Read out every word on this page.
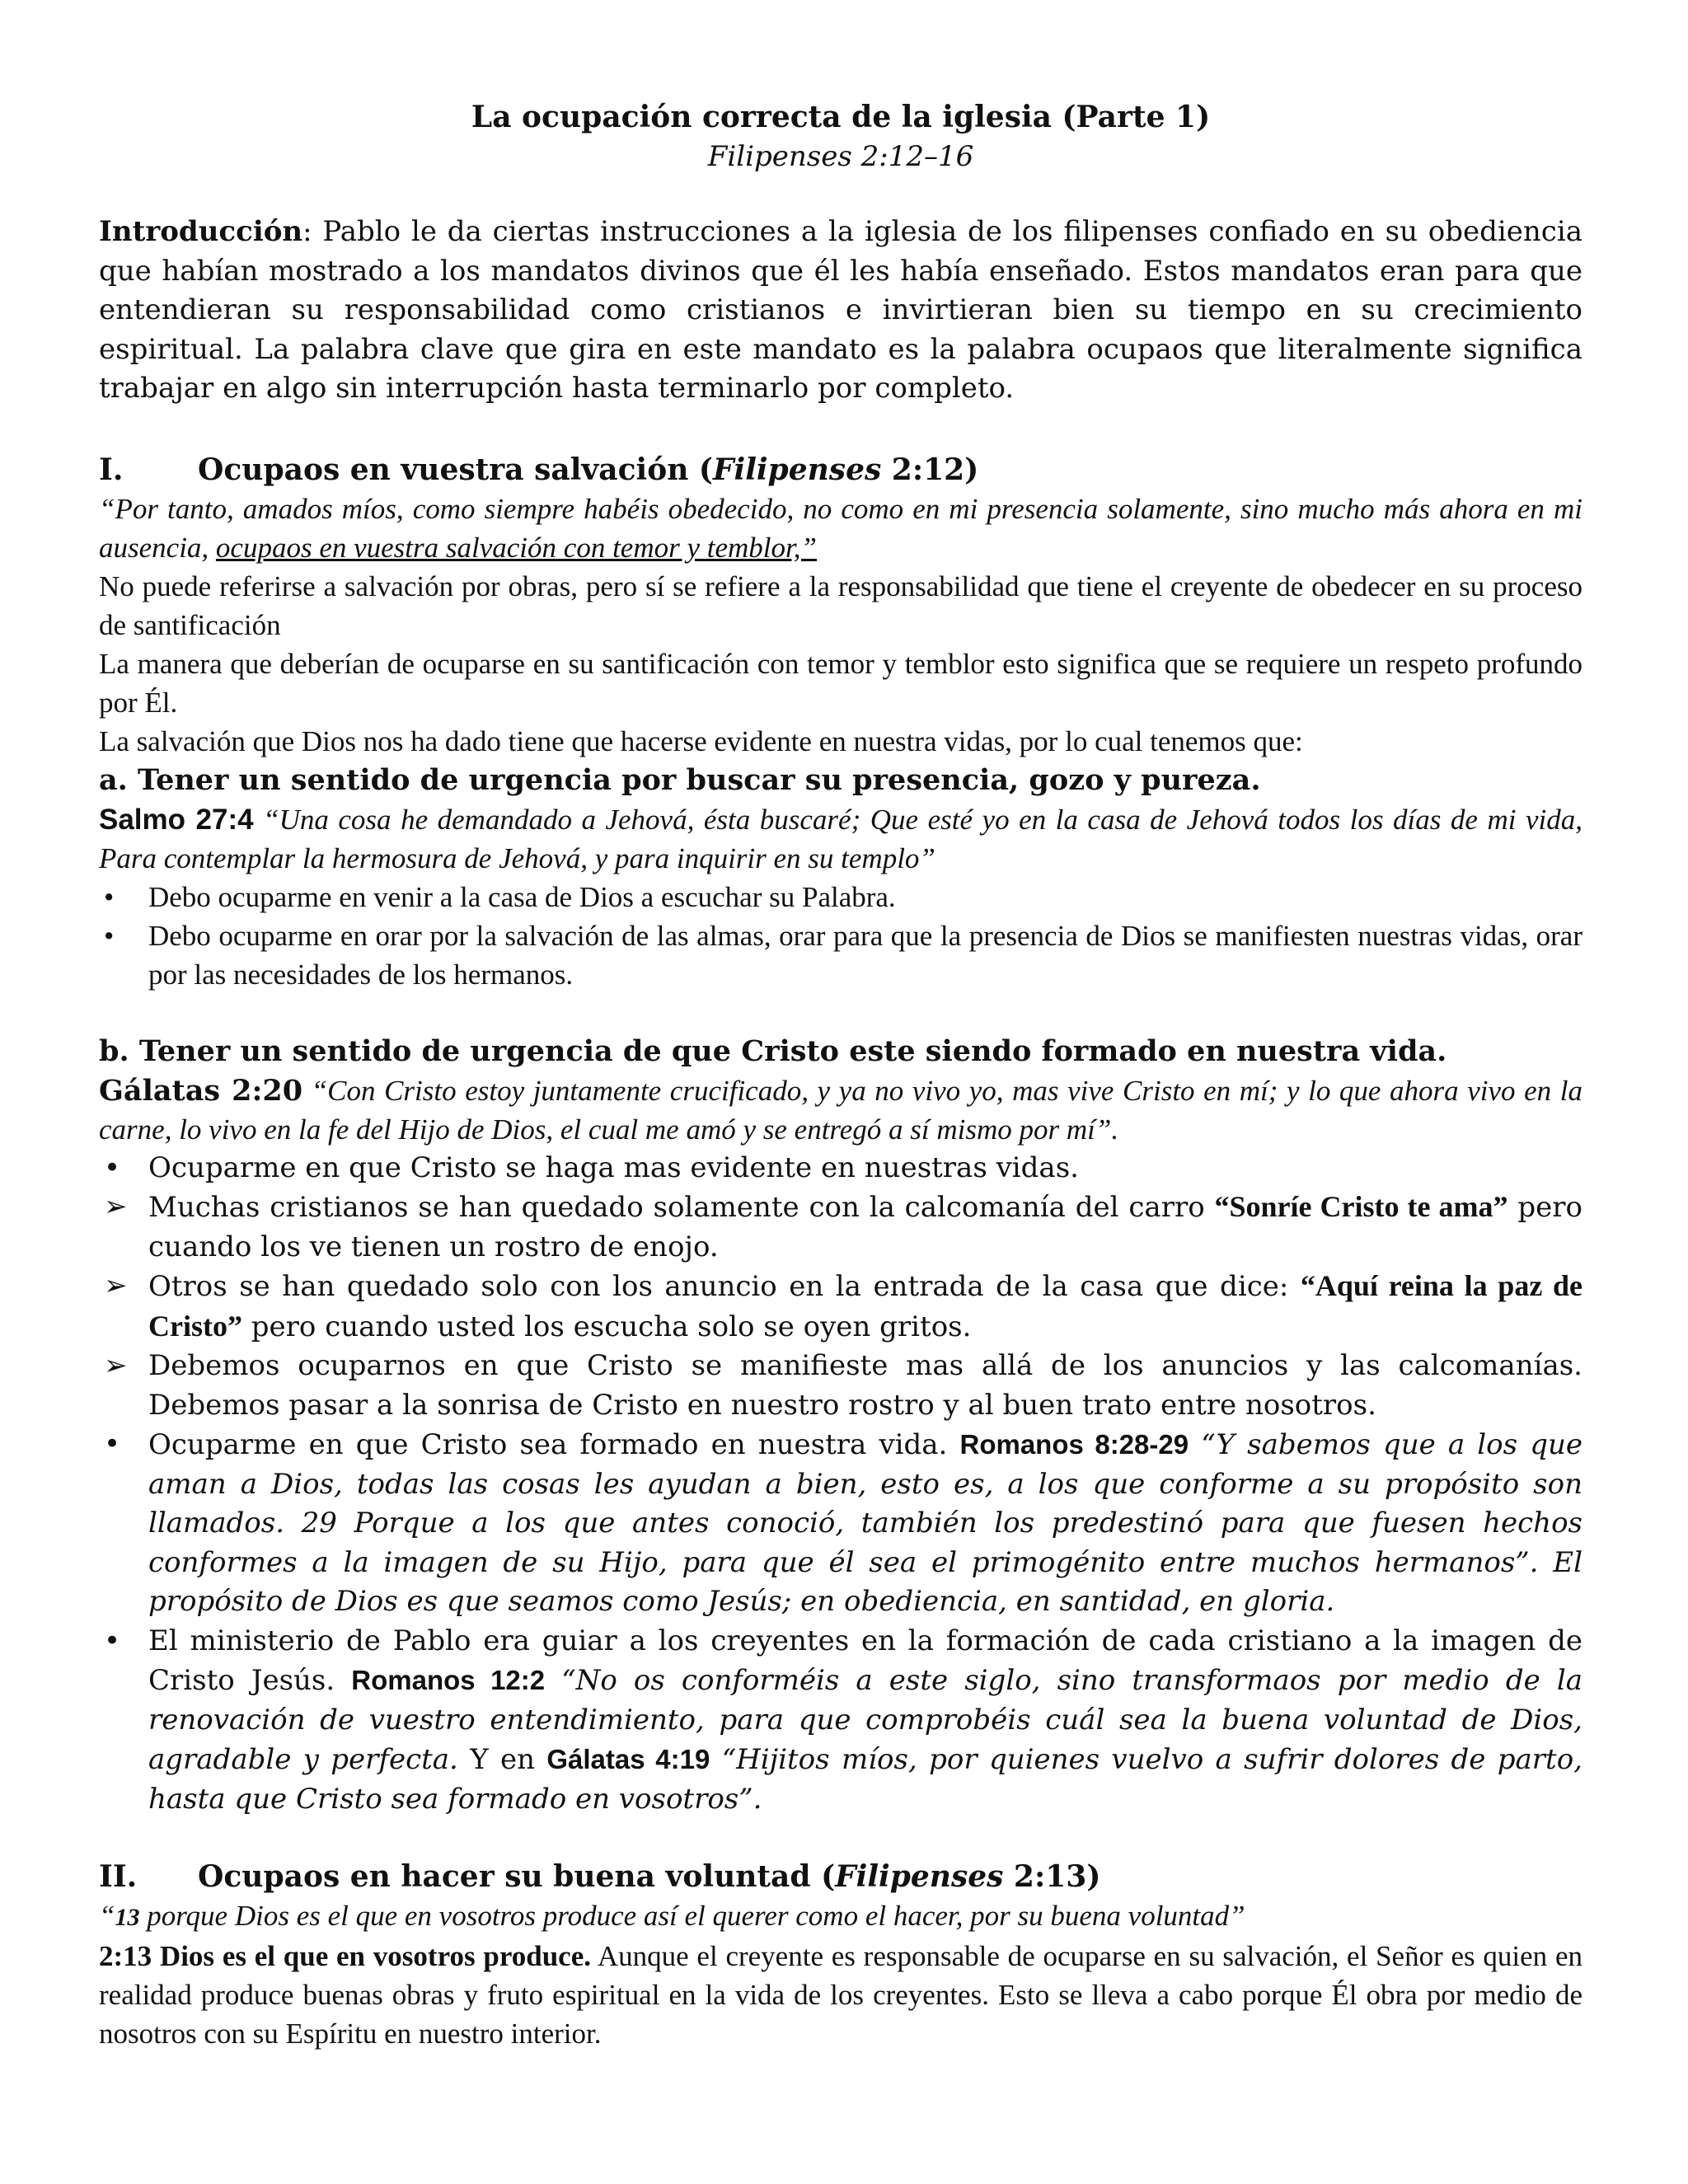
La ocupación correcta de la iglesia (Parte 1)

Filipenses 2:12–16

Introducción: Pablo le da ciertas instrucciones a la iglesia de los filipenses confiado en su obediencia que habían mostrado a los mandatos divinos que él les había enseñado. Estos mandatos eran para que entendieran su responsabilidad como cristianos e invirtieran bien su tiempo en su crecimiento espiritual. La palabra clave que gira en este mandato es la palabra ocupaos que literalmente significa trabajar en algo sin interrupción hasta terminarlo por completo.

I.	Ocupaos en vuestra salvación (Filipenses 2:12)

“Por tanto, amados míos, como siempre habéis obedecido, no como en mi presencia solamente, sino mucho más ahora en mi ausencia, ocupaos en vuestra salvación con temor y temblor,”

No puede referirse a salvación por obras, pero sí se refiere a la responsabilidad que tiene el creyente de obedecer en su proceso de santificación

La manera que deberían de ocuparse en su santificación con temor y temblor esto significa que se requiere un respeto profundo por Él.

La salvación que Dios nos ha dado tiene que hacerse evidente en nuestra vidas, por lo cual tenemos que:

a. Tener un sentido de urgencia por buscar su presencia, gozo y pureza.

Salmo 27:4 “Una cosa he demandado a Jehová, ésta buscaré; Que esté yo en la casa de Jehová todos los días de mi vida, Para contemplar la hermosura de Jehová, y para inquirir en su templo”

• Debo ocuparme en venir a la casa de Dios a escuchar su Palabra.
• Debo ocuparme en orar por la salvación de las almas, orar para que la presencia de Dios se manifiesten nuestras vidas, orar por las necesidades de los hermanos.

b. Tener un sentido de urgencia de que Cristo este siendo formado en nuestra vida.

Gálatas 2:20 “Con Cristo estoy juntamente crucificado, y ya no vivo yo, mas vive Cristo en mí; y lo que ahora vivo en la carne, lo vivo en la fe del Hijo de Dios, el cual me amó y se entregó a sí mismo por mí”.

• Ocuparme en que Cristo se haga mas evidente en nuestras vidas.
➢ Muchas cristianos se han quedado solamente con la calcomanía del carro “Sonríe Cristo te ama” pero cuando los ve tienen un rostro de enojo.
➢ Otros se han quedado solo con los anuncio en la entrada de la casa que dice: “Aquí reina la paz de Cristo” pero cuando usted los escucha solo se oyen gritos.
➢ Debemos ocuparnos en que Cristo se manifieste mas allá de los anuncios y las calcomanías. Debemos pasar a la sonrisa de Cristo en nuestro rostro y al buen trato entre nosotros.
• Ocuparme en que Cristo sea formado en nuestra vida. Romanos 8:28-29 “Y sabemos que a los que aman a Dios, todas las cosas les ayudan a bien, esto es, a los que conforme a su propósito son llamados. 29 Porque a los que antes conoció, también los predestinó para que fuesen hechos conformes a la imagen de su Hijo, para que él sea el primogénito entre muchos hermanos”. El propósito de Dios es que seamos como Jesús; en obediencia, en santidad, en gloria.
• El ministerio de Pablo era guiar a los creyentes en la formación de cada cristiano a la imagen de Cristo Jesús. Romanos 12:2 “No os conforméis a este siglo, sino transformaos por medio de la renovación de vuestro entendimiento, para que comprobéis cuál sea la buena voluntad de Dios, agradable y perfecta. Y en Gálatas 4:19 “Hijitos míos, por quienes vuelvo a sufrir dolores de parto, hasta que Cristo sea formado en vosotros”.

II.	Ocupaos en hacer su buena voluntad (Filipenses 2:13)

“13 porque Dios es el que en vosotros produce así el querer como el hacer, por su buena voluntad”

2:13 Dios es el que en vosotros produce. Aunque el creyente es responsable de ocuparse en su salvación, el Señor es quien en realidad produce buenas obras y fruto espiritual en la vida de los creyentes. Esto se lleva a cabo porque Él obra por medio de nosotros con su Espíritu en nuestro interior.
